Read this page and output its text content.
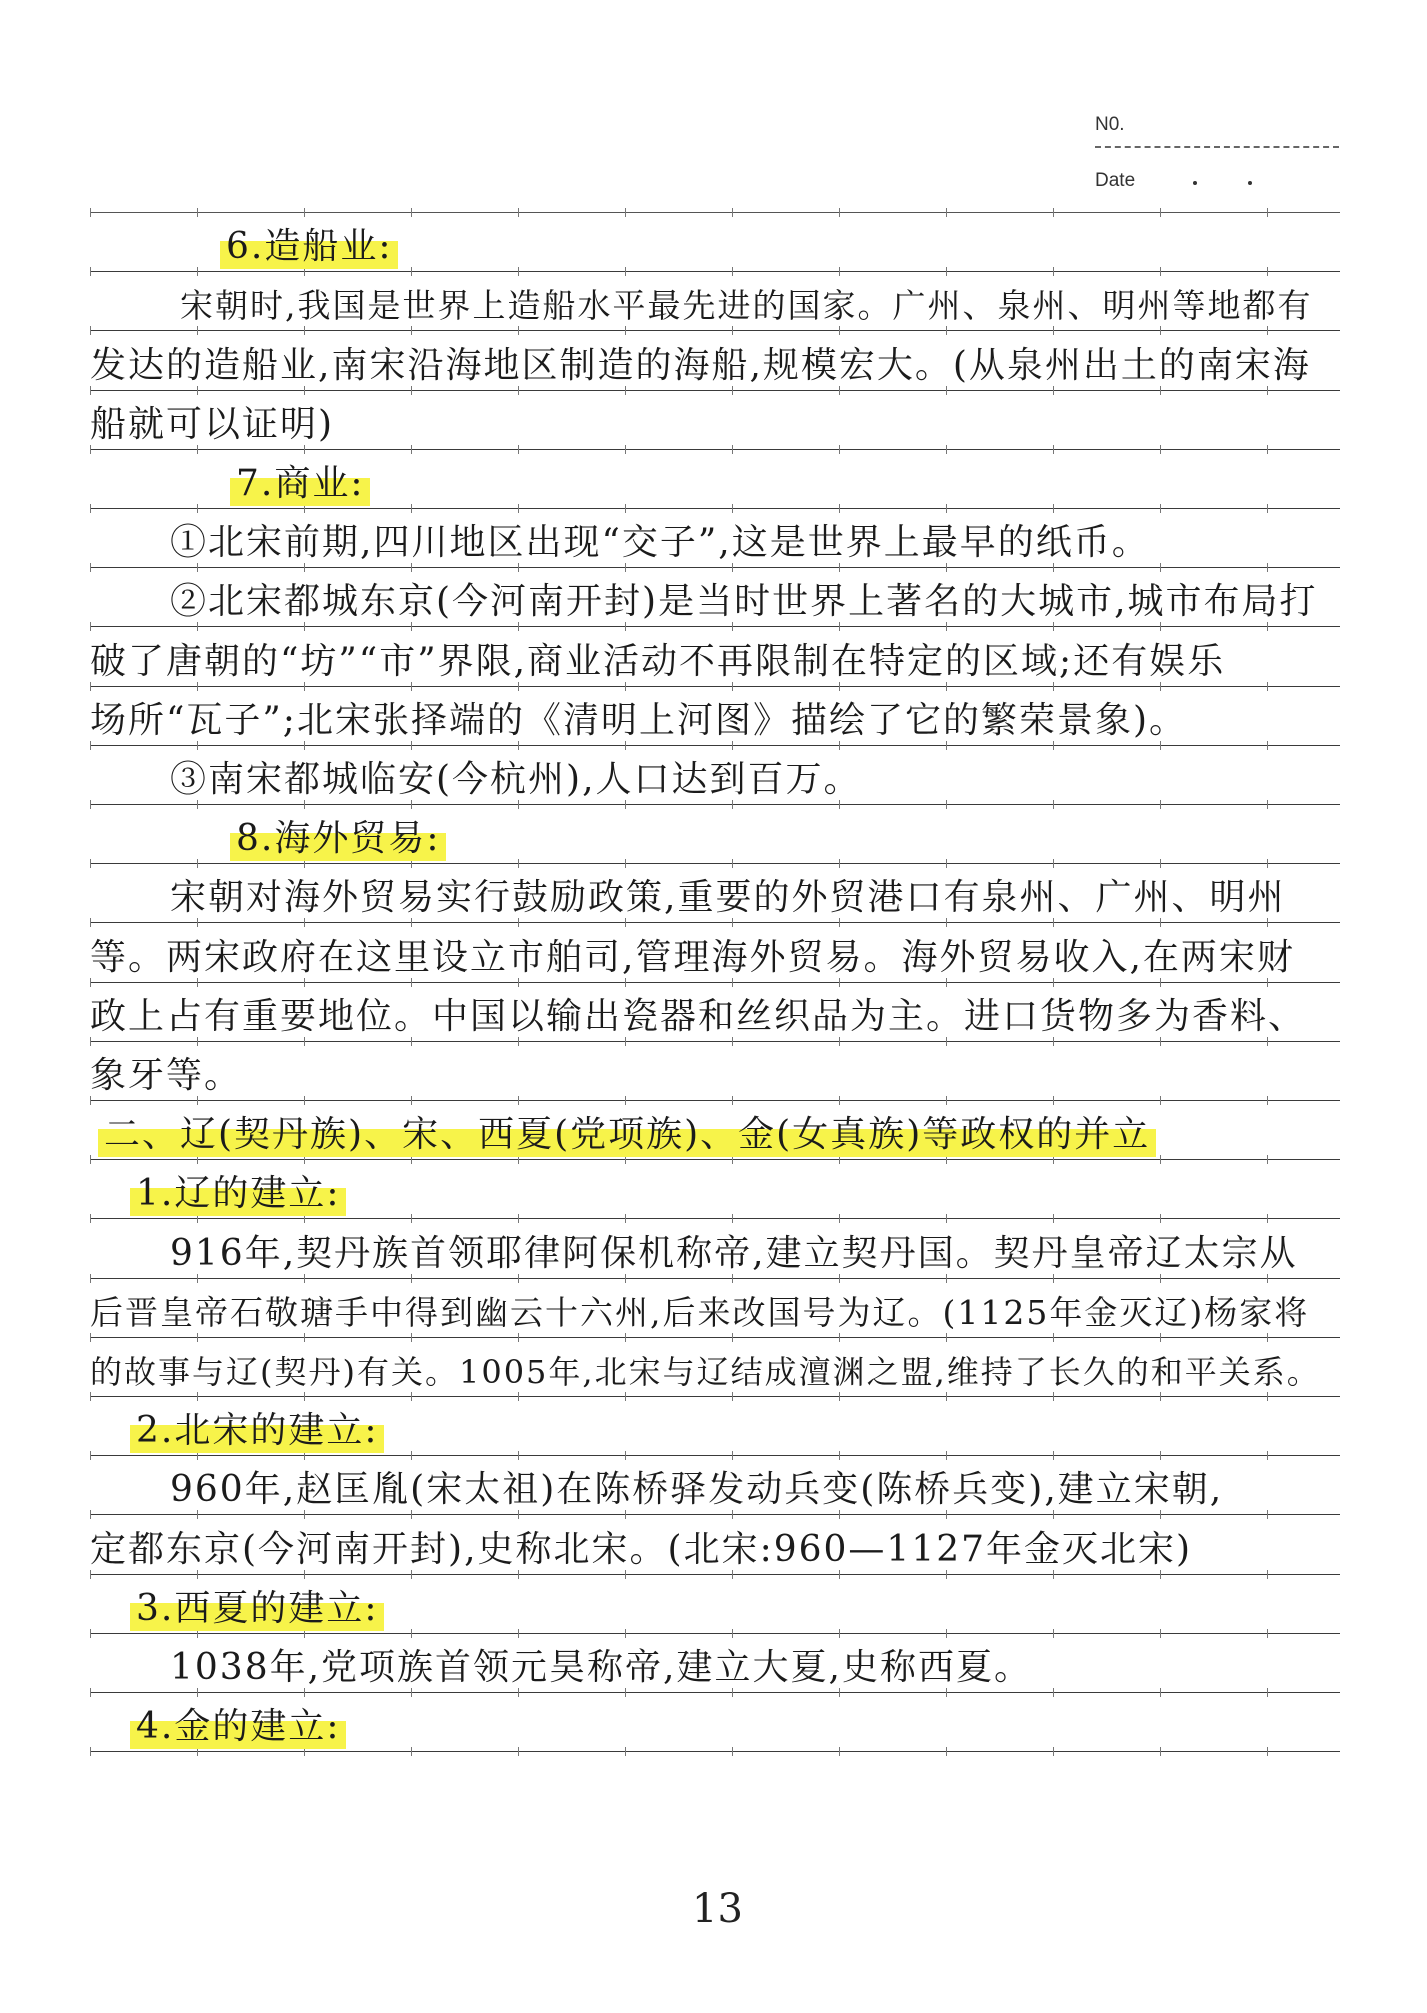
N0.
Date
6.造船业:
宋朝时,我国是世界上造船水平最先进的国家。广州、泉州、明州等地都有
发达的造船业,南宋沿海地区制造的海船,规模宏大。(从泉州出土的南宋海
船就可以证明)
7.商业:
①北宋前期,四川地区出现“交子”,这是世界上最早的纸币。
②北宋都城东京(今河南开封)是当时世界上著名的大城市,城市布局打
破了唐朝的“坊”“市”界限,商业活动不再限制在特定的区域;还有娱乐
场所“瓦子”;北宋张择端的《清明上河图》描绘了它的繁荣景象)。
③南宋都城临安(今杭州),人口达到百万。
8.海外贸易:
宋朝对海外贸易实行鼓励政策,重要的外贸港口有泉州、广州、明州
等。两宋政府在这里设立市舶司,管理海外贸易。海外贸易收入,在两宋财
政上占有重要地位。中国以输出瓷器和丝织品为主。进口货物多为香料、
象牙等。
二、辽(契丹族)、宋、西夏(党项族)、金(女真族)等政权的并立
1.辽的建立:
916年,契丹族首领耶律阿保机称帝,建立契丹国。契丹皇帝辽太宗从
后晋皇帝石敬瑭手中得到幽云十六州,后来改国号为辽。(1125年金灭辽)杨家将
的故事与辽(契丹)有关。1005年,北宋与辽结成澶渊之盟,维持了长久的和平关系。
2.北宋的建立:
960年,赵匡胤(宋太祖)在陈桥驿发动兵变(陈桥兵变),建立宋朝,
定都东京(今河南开封),史称北宋。(北宋:960—1127年金灭北宋)
3.西夏的建立:
1038年,党项族首领元昊称帝,建立大夏,史称西夏。
4.金的建立:
13
